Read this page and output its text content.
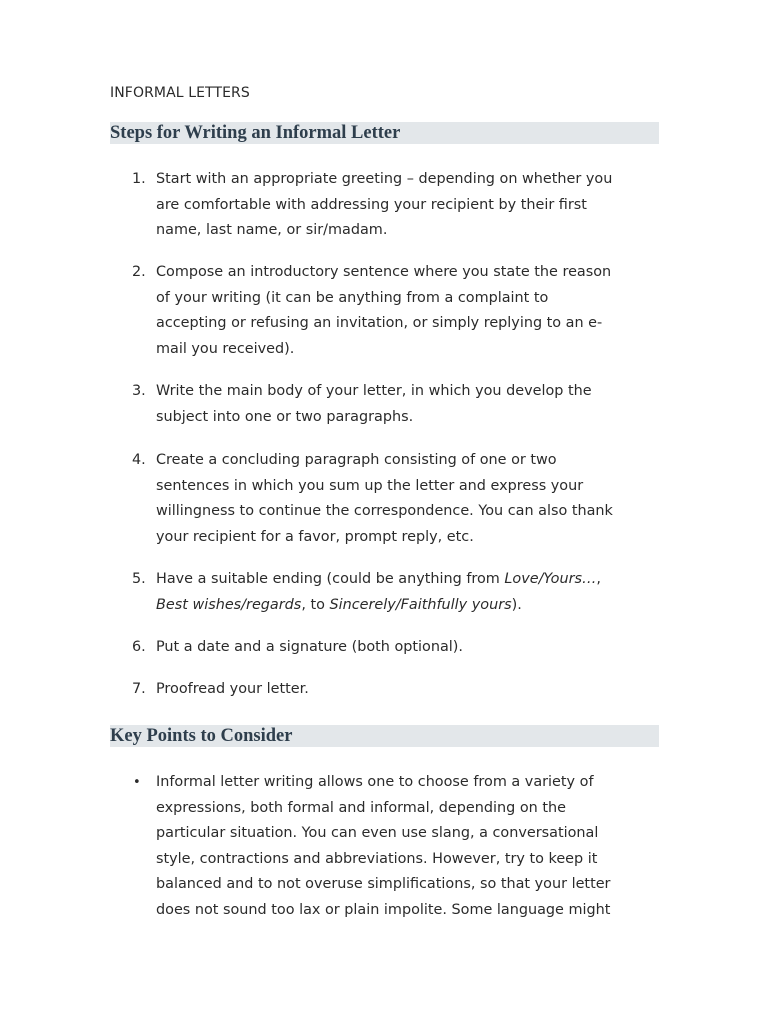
INFORMAL LETTERS
Steps for Writing an Informal Letter
1. Start with an appropriate greeting – depending on whether you
are comfortable with addressing your recipient by their first
name, last name, or sir/madam.
2. Compose an introductory sentence where you state the reason
of your writing (it can be anything from a complaint to
accepting or refusing an invitation, or simply replying to an e-
mail you received).
3. Write the main body of your letter, in which you develop the
subject into one or two paragraphs.
4. Create a concluding paragraph consisting of one or two
sentences in which you sum up the letter and express your
willingness to continue the correspondence. You can also thank
your recipient for a favor, prompt reply, etc.
5. Have a suitable ending (could be anything from Love/Yours…,
Best wishes/regards, to Sincerely/Faithfully yours).
6. Put a date and a signature (both optional).
7. Proofread your letter.
Key Points to Consider
• Informal letter writing allows one to choose from a variety of
expressions, both formal and informal, depending on the
particular situation. You can even use slang, a conversational
style, contractions and abbreviations. However, try to keep it
balanced and to not overuse simplifications, so that your letter
does not sound too lax or plain impolite. Some language might
